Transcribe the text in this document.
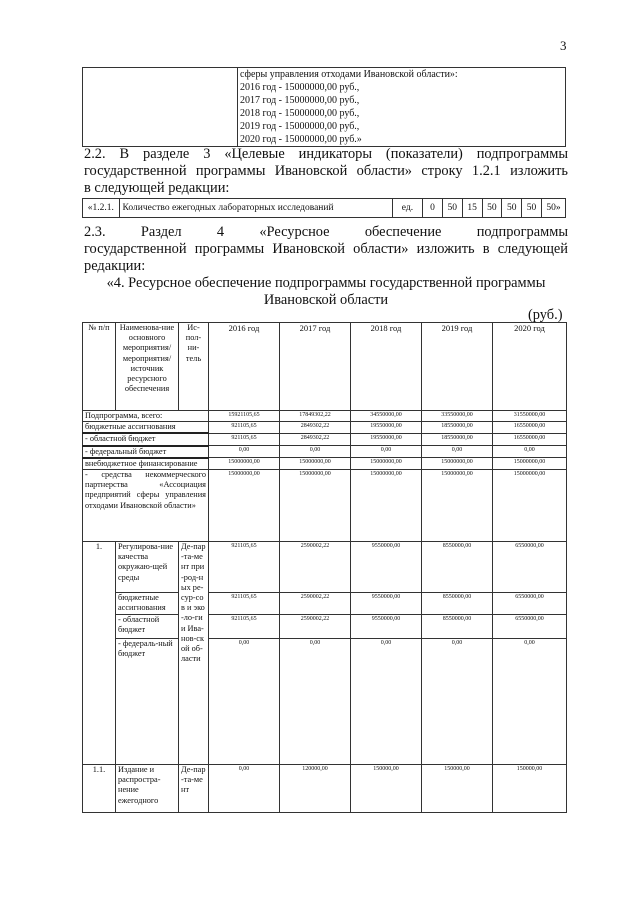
3

сферы управления отходами Ивановской области»:
2016 год - 15000000,00 руб.,
2017 год - 15000000,00 руб.,
2018 год - 15000000,00 руб.,
2019 год - 15000000,00 руб.,
2020 год - 15000000,00 руб.»
2.2. В разделе 3 «Целевые индикаторы (показатели) подпрограммы
государственной программы Ивановской области» строку 1.2.1 изложить
в следующей редакции:
«1.2.1.	Количество ежегодных лабораторных исследований	ед.	0	50	15	50	50	50	50»
2.3. Раздел 4 «Ресурсное обеспечение подпрограммы
государственной программы Ивановской области» изложить в следующей
редакции:
«4. Ресурсное обеспечение подпрограммы государственной программы
Ивановской области
(руб.)
№ п/п	Наименова-ние основного мероприятия/ мероприятия/ источник ресурсного обеспечения	Ис-пол-ни-тель	2016 год	2017 год	2018 год	2019 год	2020 год
Подпрограмма, всего:			15921105,65	17849302,22	34550000,00	33550000,00	31550000,00
бюджетные ассигнования			921105,65	2849302,22	19550000,00	18550000,00	16550000,00
- областной бюджет			921105,65	2849302,22	19550000,00	18550000,00	16550000,00
- федеральный бюджет			0,00	0,00	0,00	0,00	0,00
внебюджетное финансирование			15000000,00	15000000,00	15000000,00	15000000,00	15000000,00
- средства некоммерческого партнерства «Ассоциация предприятий сферы управления отходами Ивановской области»			15000000,00	15000000,00	15000000,00	15000000,00	15000000,00
1.	Регулирова-ние качества окружаю-щей среды	Де-пар-та-мент при-род-ных ре-сур-сов и эко-ло-гии Ива-нов-ской об-ласти	921105,65	2590002,22	9550000,00	8550000,00	6550000,00
	бюджетные ассигнования		921105,65	2590002,22	9550000,00	8550000,00	6550000,00
	- областной бюджет		921105,65	2590002,22	9550000,00	8550000,00	6550000,00
	- федераль-ный бюджет		0,00	0,00	0,00	0,00	0,00
1.1.	Издание и распростра-нение ежегодного	Де-пар-та-мент	0,00	120000,00	150000,00	150000,00	150000,00
